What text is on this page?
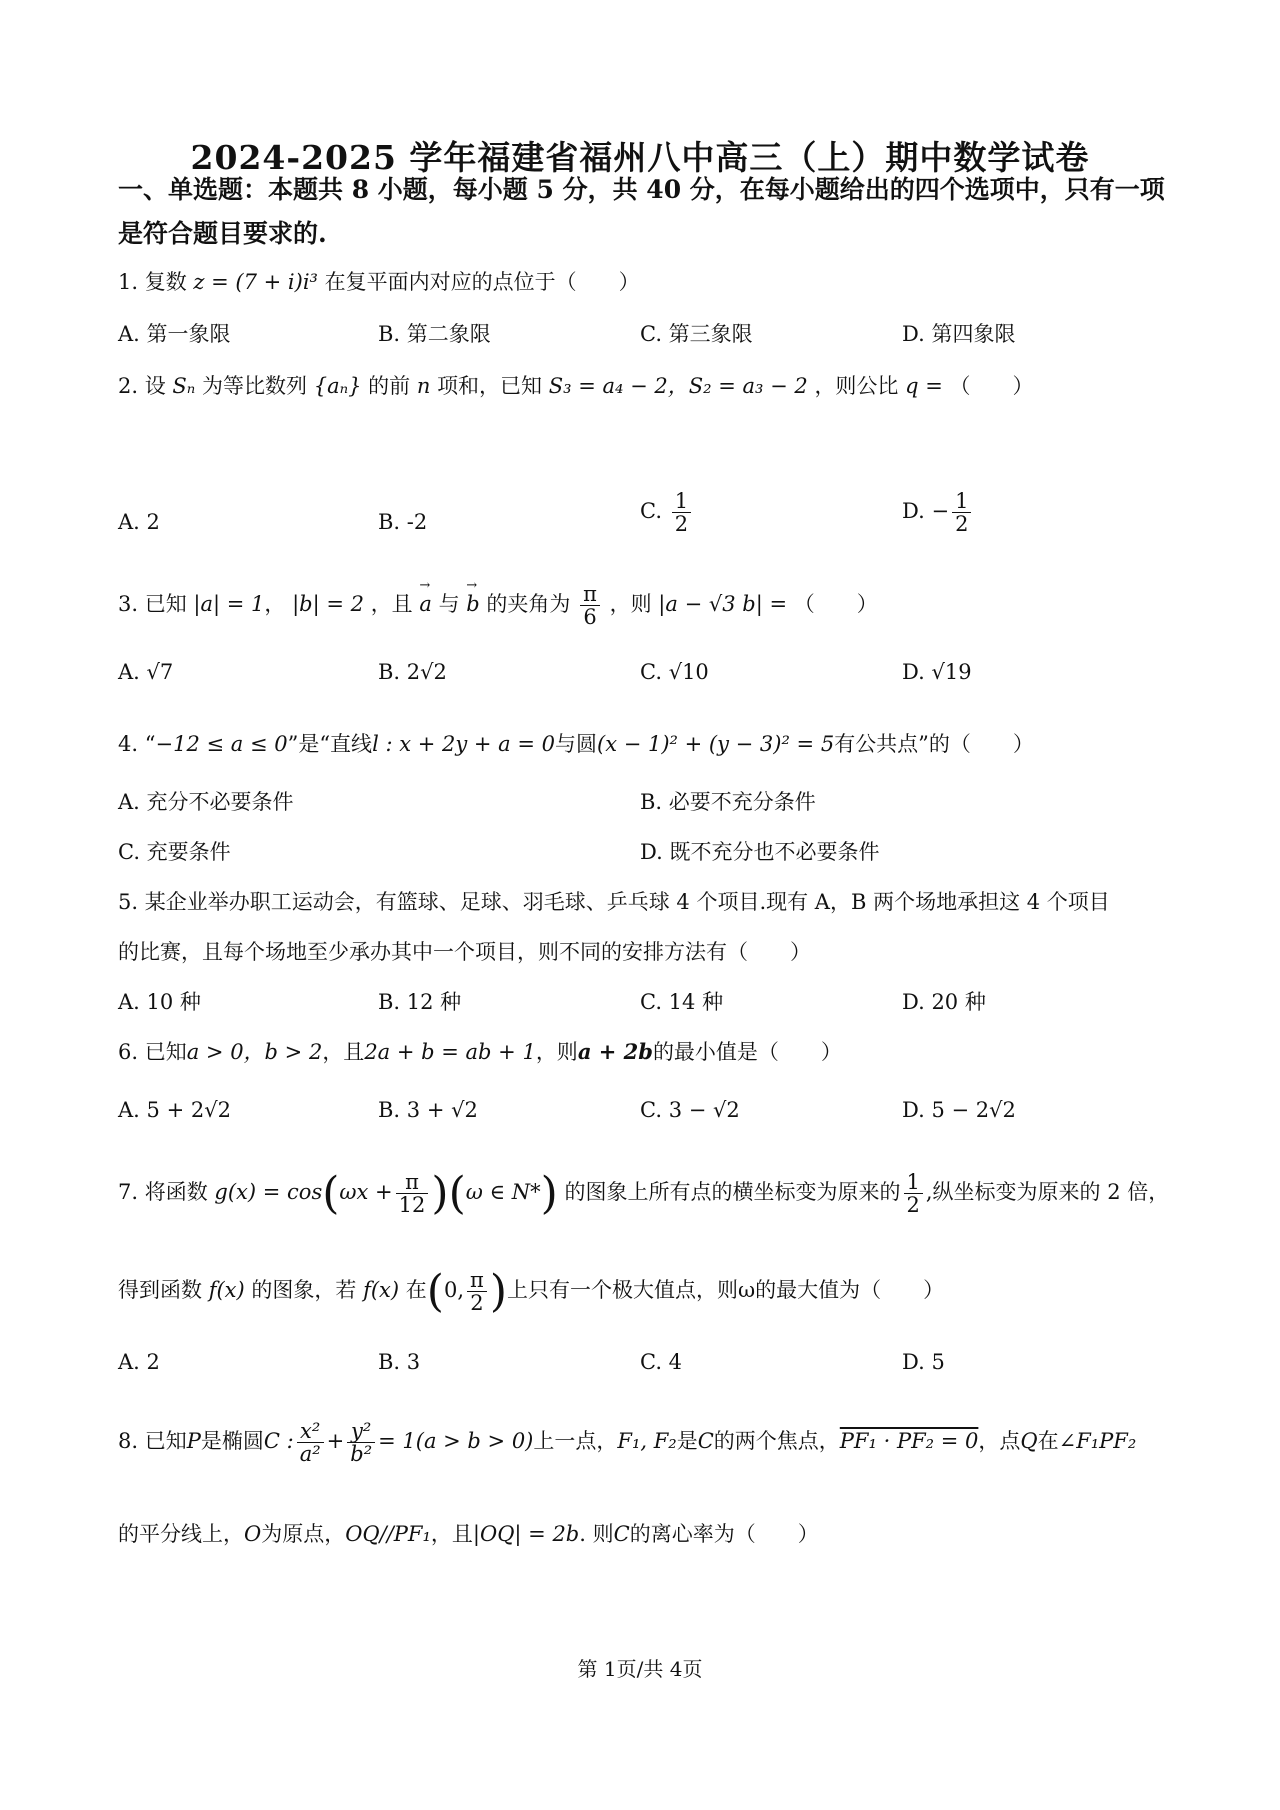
2024-2025 学年福建省福州八中高三（上）期中数学试卷
一、单选题：本题共 8 小题，每小题 5 分，共 40 分，在每小题给出的四个选项中，只有一项
是符合题目要求的.
1. 复数 z = (7 + i)i³ 在复平面内对应的点位于（　　）
A. 第一象限	B. 第二象限	C. 第三象限	D. 第四象限
2. 设 Sₙ 为等比数列 {aₙ} 的前 n 项和，已知 S₃ = a₄ − 2，S₂ = a₃ − 2 ，则公比 q = （　　）
A. 2	B. -2	C. $\frac{1}{2}$	D. − $\frac{1}{2}$
3. 已知 |a| = 1， |b| = 2 ，且 → a 与 → b 的夹角为 $\frac{\pi}{6}$ ，则 |a − √3 b| = （　　）
A. √7	B. 2√2	C. √10	D. √19
4. “−12 ≤ a ≤ 0”是“直线l : x + 2y + a = 0与圆(x − 1)² + (y − 3)² = 5有公共点”的（　　）
A. 充分不必要条件	B. 必要不充分条件
C. 充要条件	D. 既不充分也不必要条件
5. 某企业举办职工运动会，有篮球、足球、羽毛球、乒乓球 4 个项目.现有 A，B 两个场地承担这 4 个项目
的比赛，且每个场地至少承办其中一个项目，则不同的安排方法有（　　）
A. 10 种	B. 12 种	C. 14 种	D. 20 种
6. 已知a > 0，b > 2，且2a + b = ab + 1，则a + 2b的最小值是（　　）
A. 5 + 2√2	B. 3 + √2	C. 3 − √2	D. 5 − 2√2
7. 将函数 $g(x) = \cos(\omega x + \frac{\pi}{12} )(\omega$ ∈ N*) 的图象上所有点的横坐标变为原来的 $\frac{1}{2}$ ,纵坐标变为原来的 2 倍，
得到函数 f(x) 的图象，若 f(x) 在(0, $\frac{\pi}{2}$ )上只有一个极大值点，则ω的最大值为（　　）
A. 2	B. 3	C. 4	D. 5
8. 已知P是椭圆C : $\frac{\text{x²}}{\text{a²}} + \frac{\text{y²}}{\text{b²}} = 1(a > b > 0)$上一点，F₁, F₂是C的两个焦点，PF₁ · PF₂ = 0，点Q在∠F₁PF₂
的平分线上，O为原点，OQ//PF₁，且|OQ| = 2b. 则C的离心率为（　　）
第 1页/共 4页
